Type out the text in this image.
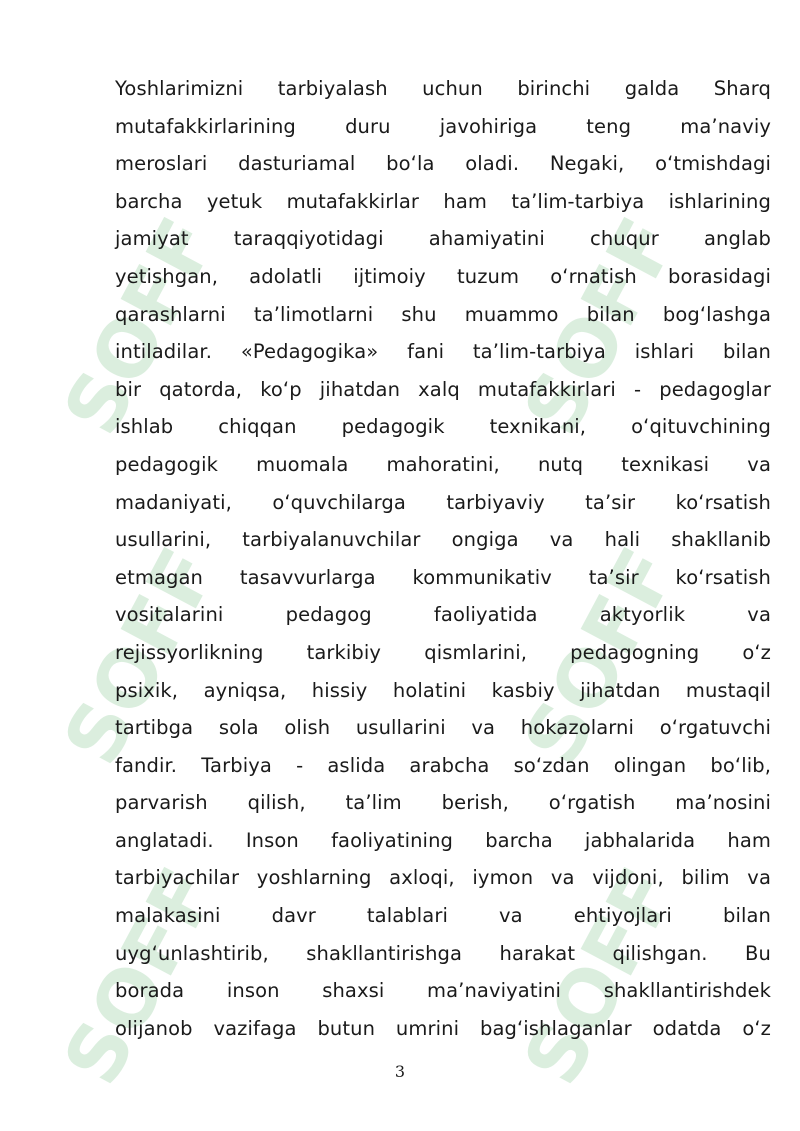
SOFF	SOFF
SOFF	SOFF
SOFF	SOFF
Yoshlarimizni tarbiyalash uchun birinchi galda Sharq
mutafakkirlarining duru javohiriga teng ma’naviy
meroslari dasturiamal bo‘la oladi. Negaki, o‘tmishdagi
barcha yetuk mutafakkirlar ham ta’lim-tarbiya ishlarining
jamiyat taraqqiyotidagi ahamiyatini chuqur anglab
yetishgan, adolatli ijtimoiy tuzum o‘rnatish borasidagi
qarashlarni ta’limotlarni shu muammo bilan bog‘lashga
intiladilar. «Pedagogika» fani ta’lim-tarbiya ishlari bilan
bir qatorda, ko‘p jihatdan xalq mutafakkirlari - pedagoglar
ishlab chiqqan pedagogik texnikani, o‘qituvchining
pedagogik muomala mahoratini, nutq texnikasi va
madaniyati, o‘quvchilarga tarbiyaviy ta’sir ko‘rsatish
usullarini, tarbiyalanuvchilar ongiga va hali shakllanib
etmagan tasavvurlarga kommunikativ ta’sir ko‘rsatish
vositalarini pedagog faoliyatida aktyorlik va
rejissyorlikning tarkibiy qismlarini, pedagogning o‘z
psixik, ayniqsa, hissiy holatini kasbiy jihatdan mustaqil
tartibga sola olish usullarini va hokazolarni o‘rgatuvchi
fandir. Tarbiya - aslida arabcha so‘zdan olingan bo‘lib,
parvarish qilish, ta’lim berish, o‘rgatish ma’nosini
anglatadi. Inson faoliyatining barcha jabhalarida ham
tarbiyachilar yoshlarning axloqi, iymon va vijdoni, bilim va
malakasini davr talablari va ehtiyojlari bilan
uyg‘unlashtirib, shakllantirishga harakat qilishgan. Bu
borada inson shaxsi ma’naviyatini shakllantirishdek
olijanob vazifaga butun umrini bag‘ishlaganlar odatda o‘z
3
